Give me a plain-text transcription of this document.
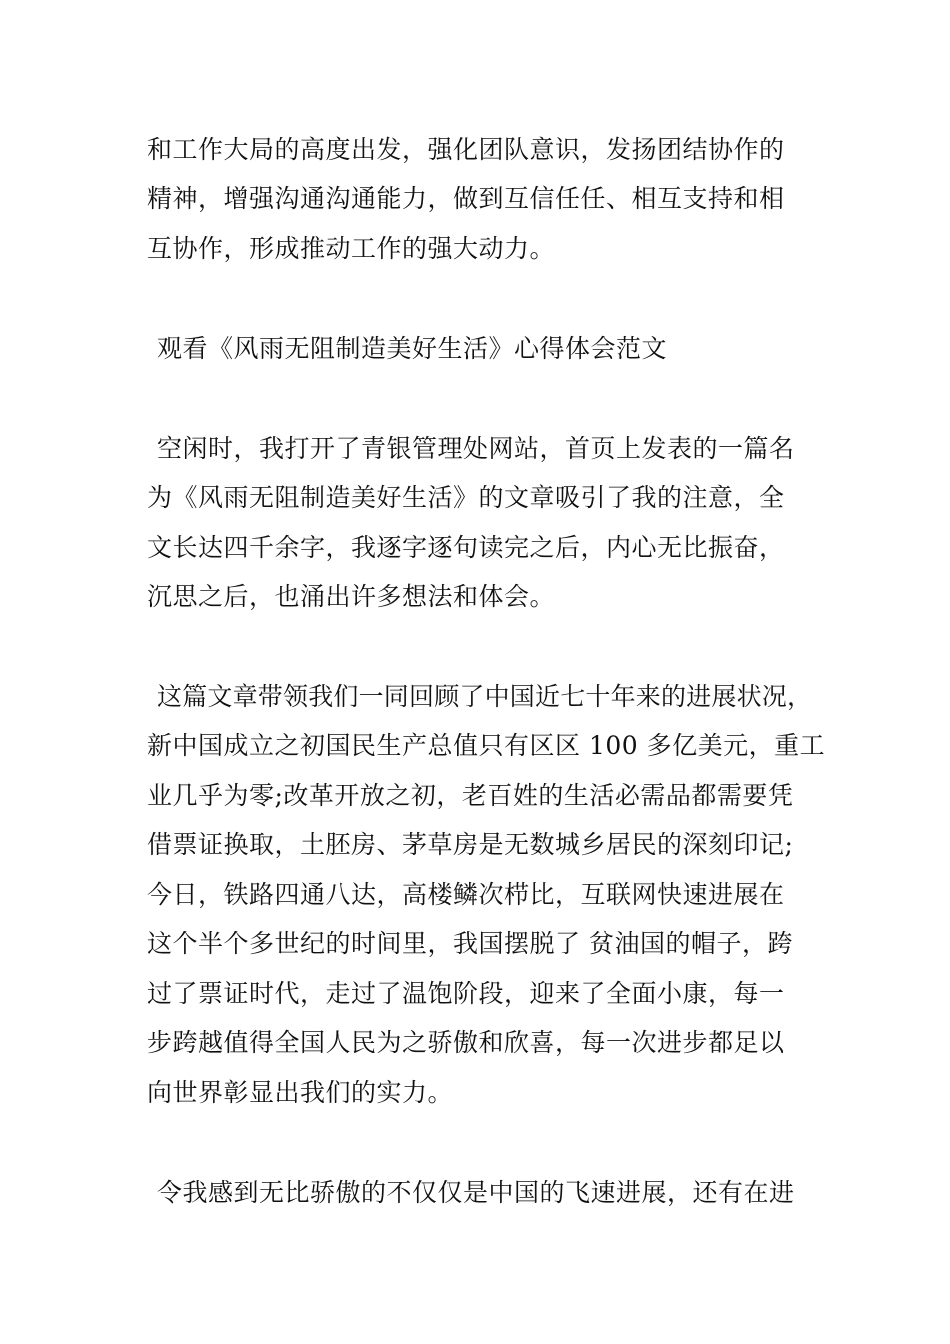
和工作大局的高度出发，强化团队意识，发扬团结协作的
精神，增强沟通沟通能力，做到互信任任、相互支持和相
互协作，形成推动工作的强大动力。
观看《风雨无阻制造美好生活》心得体会范文
空闲时，我打开了青银管理处网站，首页上发表的一篇名
为《风雨无阻制造美好生活》的文章吸引了我的注意，全
文长达四千余字，我逐字逐句读完之后，内心无比振奋，
沉思之后，也涌出许多想法和体会。
这篇文章带领我们一同回顾了中国近七十年来的进展状况，
新中国成立之初国民生产总值只有区区 100 多亿美元，重工
业几乎为零;改革开放之初，老百姓的生活必需品都需要凭
借票证换取，土胚房、茅草房是无数城乡居民的深刻印记;
今日，铁路四通八达，高楼鳞次栉比，互联网快速进展在
这个半个多世纪的时间里，我国摆脱了 贫油国的帽子，跨
过了票证时代，走过了温饱阶段，迎来了全面小康，每一
步跨越值得全国人民为之骄傲和欣喜，每一次进步都足以
向世界彰显出我们的实力。
令我感到无比骄傲的不仅仅是中国的飞速进展，还有在进
